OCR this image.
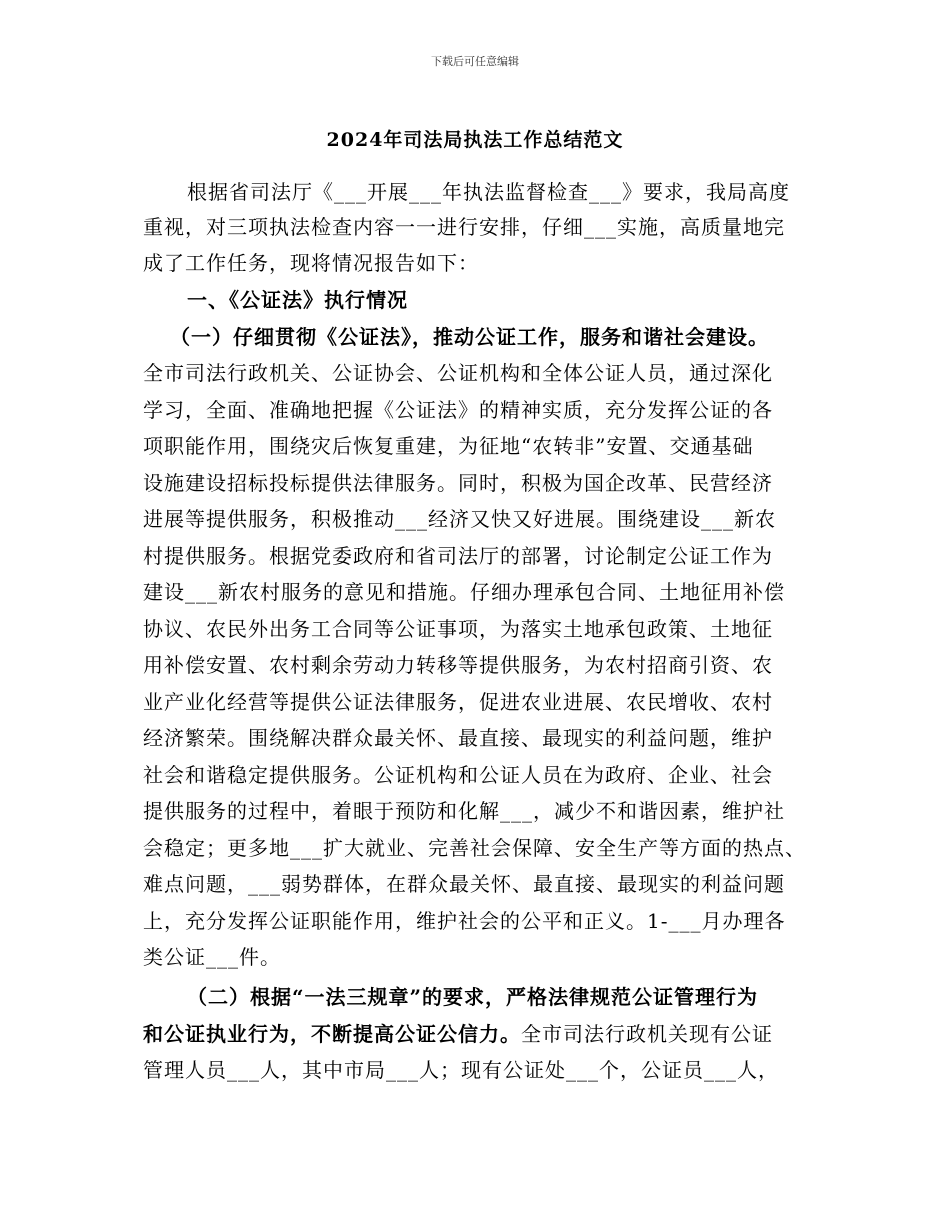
下载后可任意编辑
2024年司法局执法工作总结范文
根据省司法厅《___开展___年执法监督检查___》要求，我局高度
重视，对三项执法检查内容一一进行安排，仔细___实施，高质量地完
成了工作任务，现将情况报告如下：
一、《公证法》执行情况
（一）仔细贯彻《公证法》，推动公证工作，服务和谐社会建设。
全市司法行政机关、公证协会、公证机构和全体公证人员，通过深化
学习，全面、准确地把握《公证法》的精神实质，充分发挥公证的各
项职能作用，围绕灾后恢复重建，为征地“农转非”安置、交通基础
设施建设招标投标提供法律服务。同时，积极为国企改革、民营经济
进展等提供服务，积极推动___经济又快又好进展。围绕建设___新农
村提供服务。根据党委政府和省司法厅的部署，讨论制定公证工作为
建设___新农村服务的意见和措施。仔细办理承包合同、土地征用补偿
协议、农民外出务工合同等公证事项，为落实土地承包政策、土地征
用补偿安置、农村剩余劳动力转移等提供服务，为农村招商引资、农
业产业化经营等提供公证法律服务，促进农业进展、农民增收、农村
经济繁荣。围绕解决群众最关怀、最直接、最现实的利益问题，维护
社会和谐稳定提供服务。公证机构和公证人员在为政府、企业、社会
提供服务的过程中，着眼于预防和化解___，减少不和谐因素，维护社
会稳定；更多地___扩大就业、完善社会保障、安全生产等方面的热点、
难点问题，___弱势群体，在群众最关怀、最直接、最现实的利益问题
上，充分发挥公证职能作用，维护社会的公平和正义。1-___月办理各
类公证___件。
（二）根据“一法三规章”的要求，严格法律规范公证管理行为
和公证执业行为，不断提高公证公信力。全市司法行政机关现有公证
管理人员___人，其中市局___人；现有公证处___个，公证员___人，
